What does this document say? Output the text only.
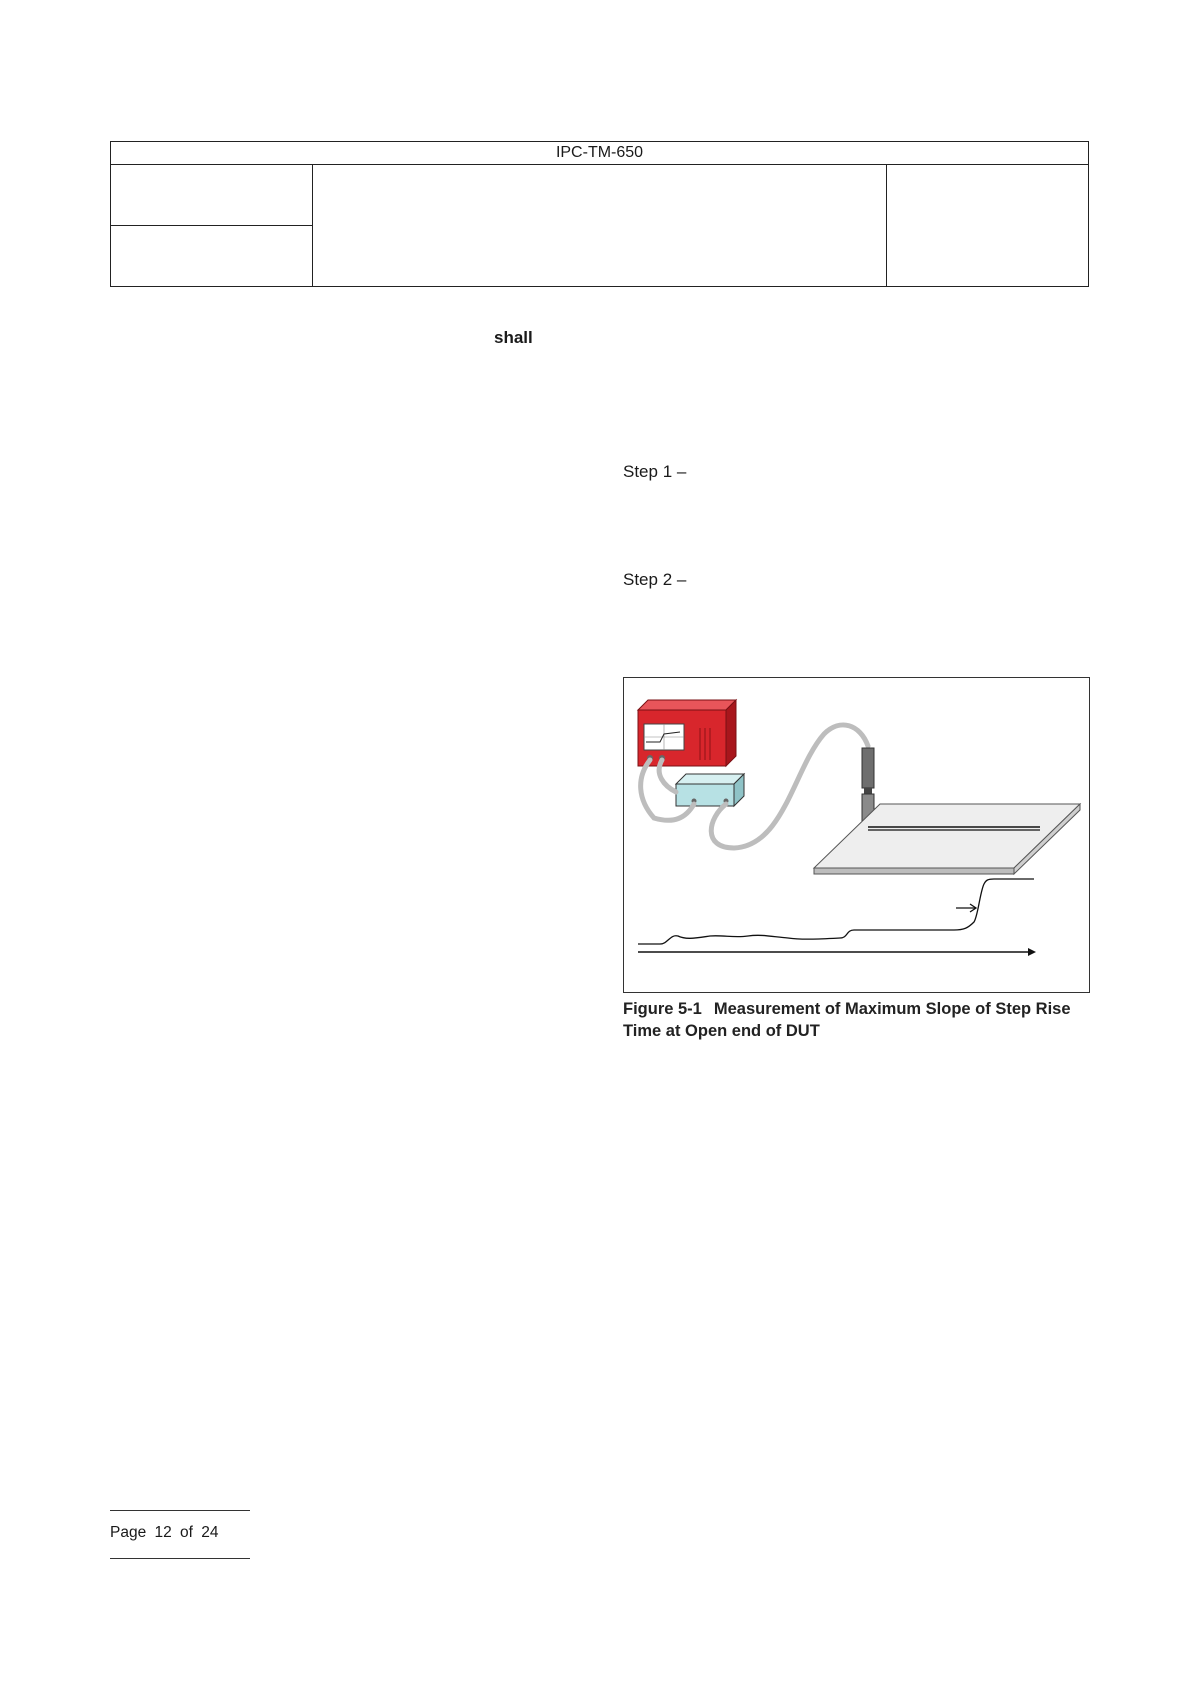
IPC-TM-650
shall
Step 1 –
Step 2 –
Figure 5-1 Measurement of Maximum Slope of Step Rise Time at Open end of DUT
Page 12 of 24
